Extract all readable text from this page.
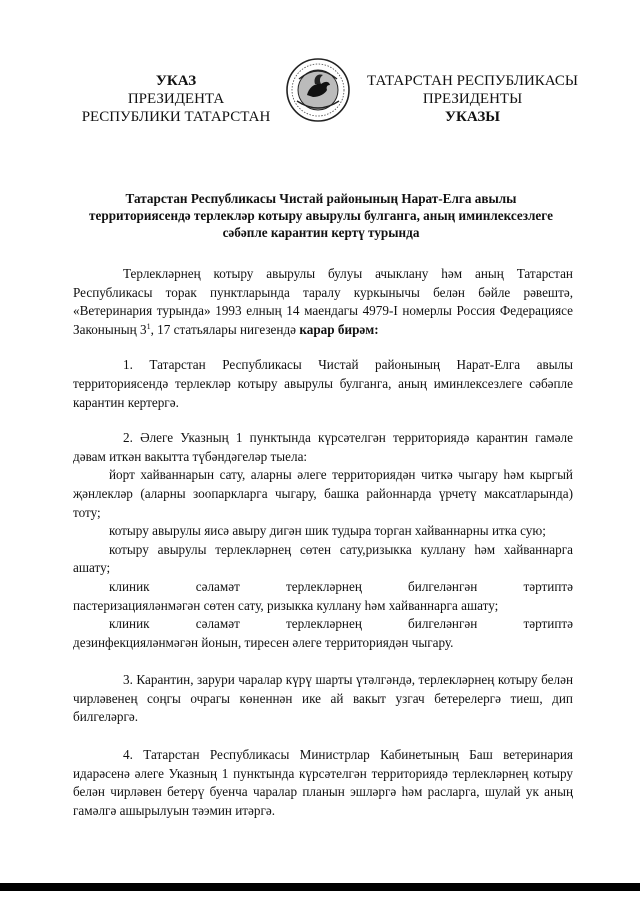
УКАЗ
ПРЕЗИДЕНТА
РЕСПУБЛИКИ ТАТАРСТАН
ТАТАРСТАН РЕСПУБЛИКАСЫ
ПРЕЗИДЕНТЫ
УКАЗЫ
Татарстан Республикасы Чистай районының Нарат-Елга авылы территориясендә терлекләр котыру авырулы булганга, аның иминлексезлеге сәбәпле карантин кертү турында

Терлекләрнең котыру авырулы булуы ачыклану һәм аның Татарстан Республикасы торак пунктларында таралу куркынычы белән бәйле рәвештә, «Ветеринария турында» 1993 елның 14 маендагы 4979-I номерлы Россия Федерациясе Законының $3^1$, 17 статьялары нигезендә карар бирәм:

1. Татарстан Республикасы Чистай районының Нарат-Елга авылы территориясендә терлекләр котыру авырулы булганга, аның иминлексезлеге сәбәпле карантин кертергә.

2. Әлеге Указның 1 пунктында күрсәтелгән территориядә карантин гамәле дәвам иткән вакытта түбәндәгеләр тыела:

йорт хайваннарын сату, аларны әлеге территориядән читкә чыгару һәм кыргый җәнлекләр (аларны зоопаркларга чыгару, башка районнарда үрчетү максатларында) тоту;

котыру авырулы яисә авыру дигән шик тудыра торган хайваннарны итка сую;

котыру авырулы терлекләрнең сөтен сату,ризыкка куллану һәм хайваннарга ашату;

клиник сәламәт терлекләрнең билгеләнгән тәртиптә

пастеризацияләнмәгән сөтен сату, ризыкка куллану һәм хайваннарга ашату;

клиник сәламәт терлекләрнең билгеләнгән тәртиптә

дезинфекцияләнмәгән йонын, тиресен әлеге территориядән чыгару.

3. Карантин, зарури чаралар күрү шарты үтәлгәндә, терлекләрнең котыру белән чирләвенең соңгы очрагы көненнән ике ай вакыт узгач бетерелергә тиеш, дип билгеләргә.

4. Татарстан Республикасы Министрлар Кабинетының Баш ветеринария идарәсенә әлеге Указның 1 пунктында күрсәтелгән территориядә терлекләрнең котыру белән чирләвен бетерү буенча чаралар планын эшләргә һәм расларга, шулай ук аның гамәлгә ашырылуын тәэмин итәргә.
